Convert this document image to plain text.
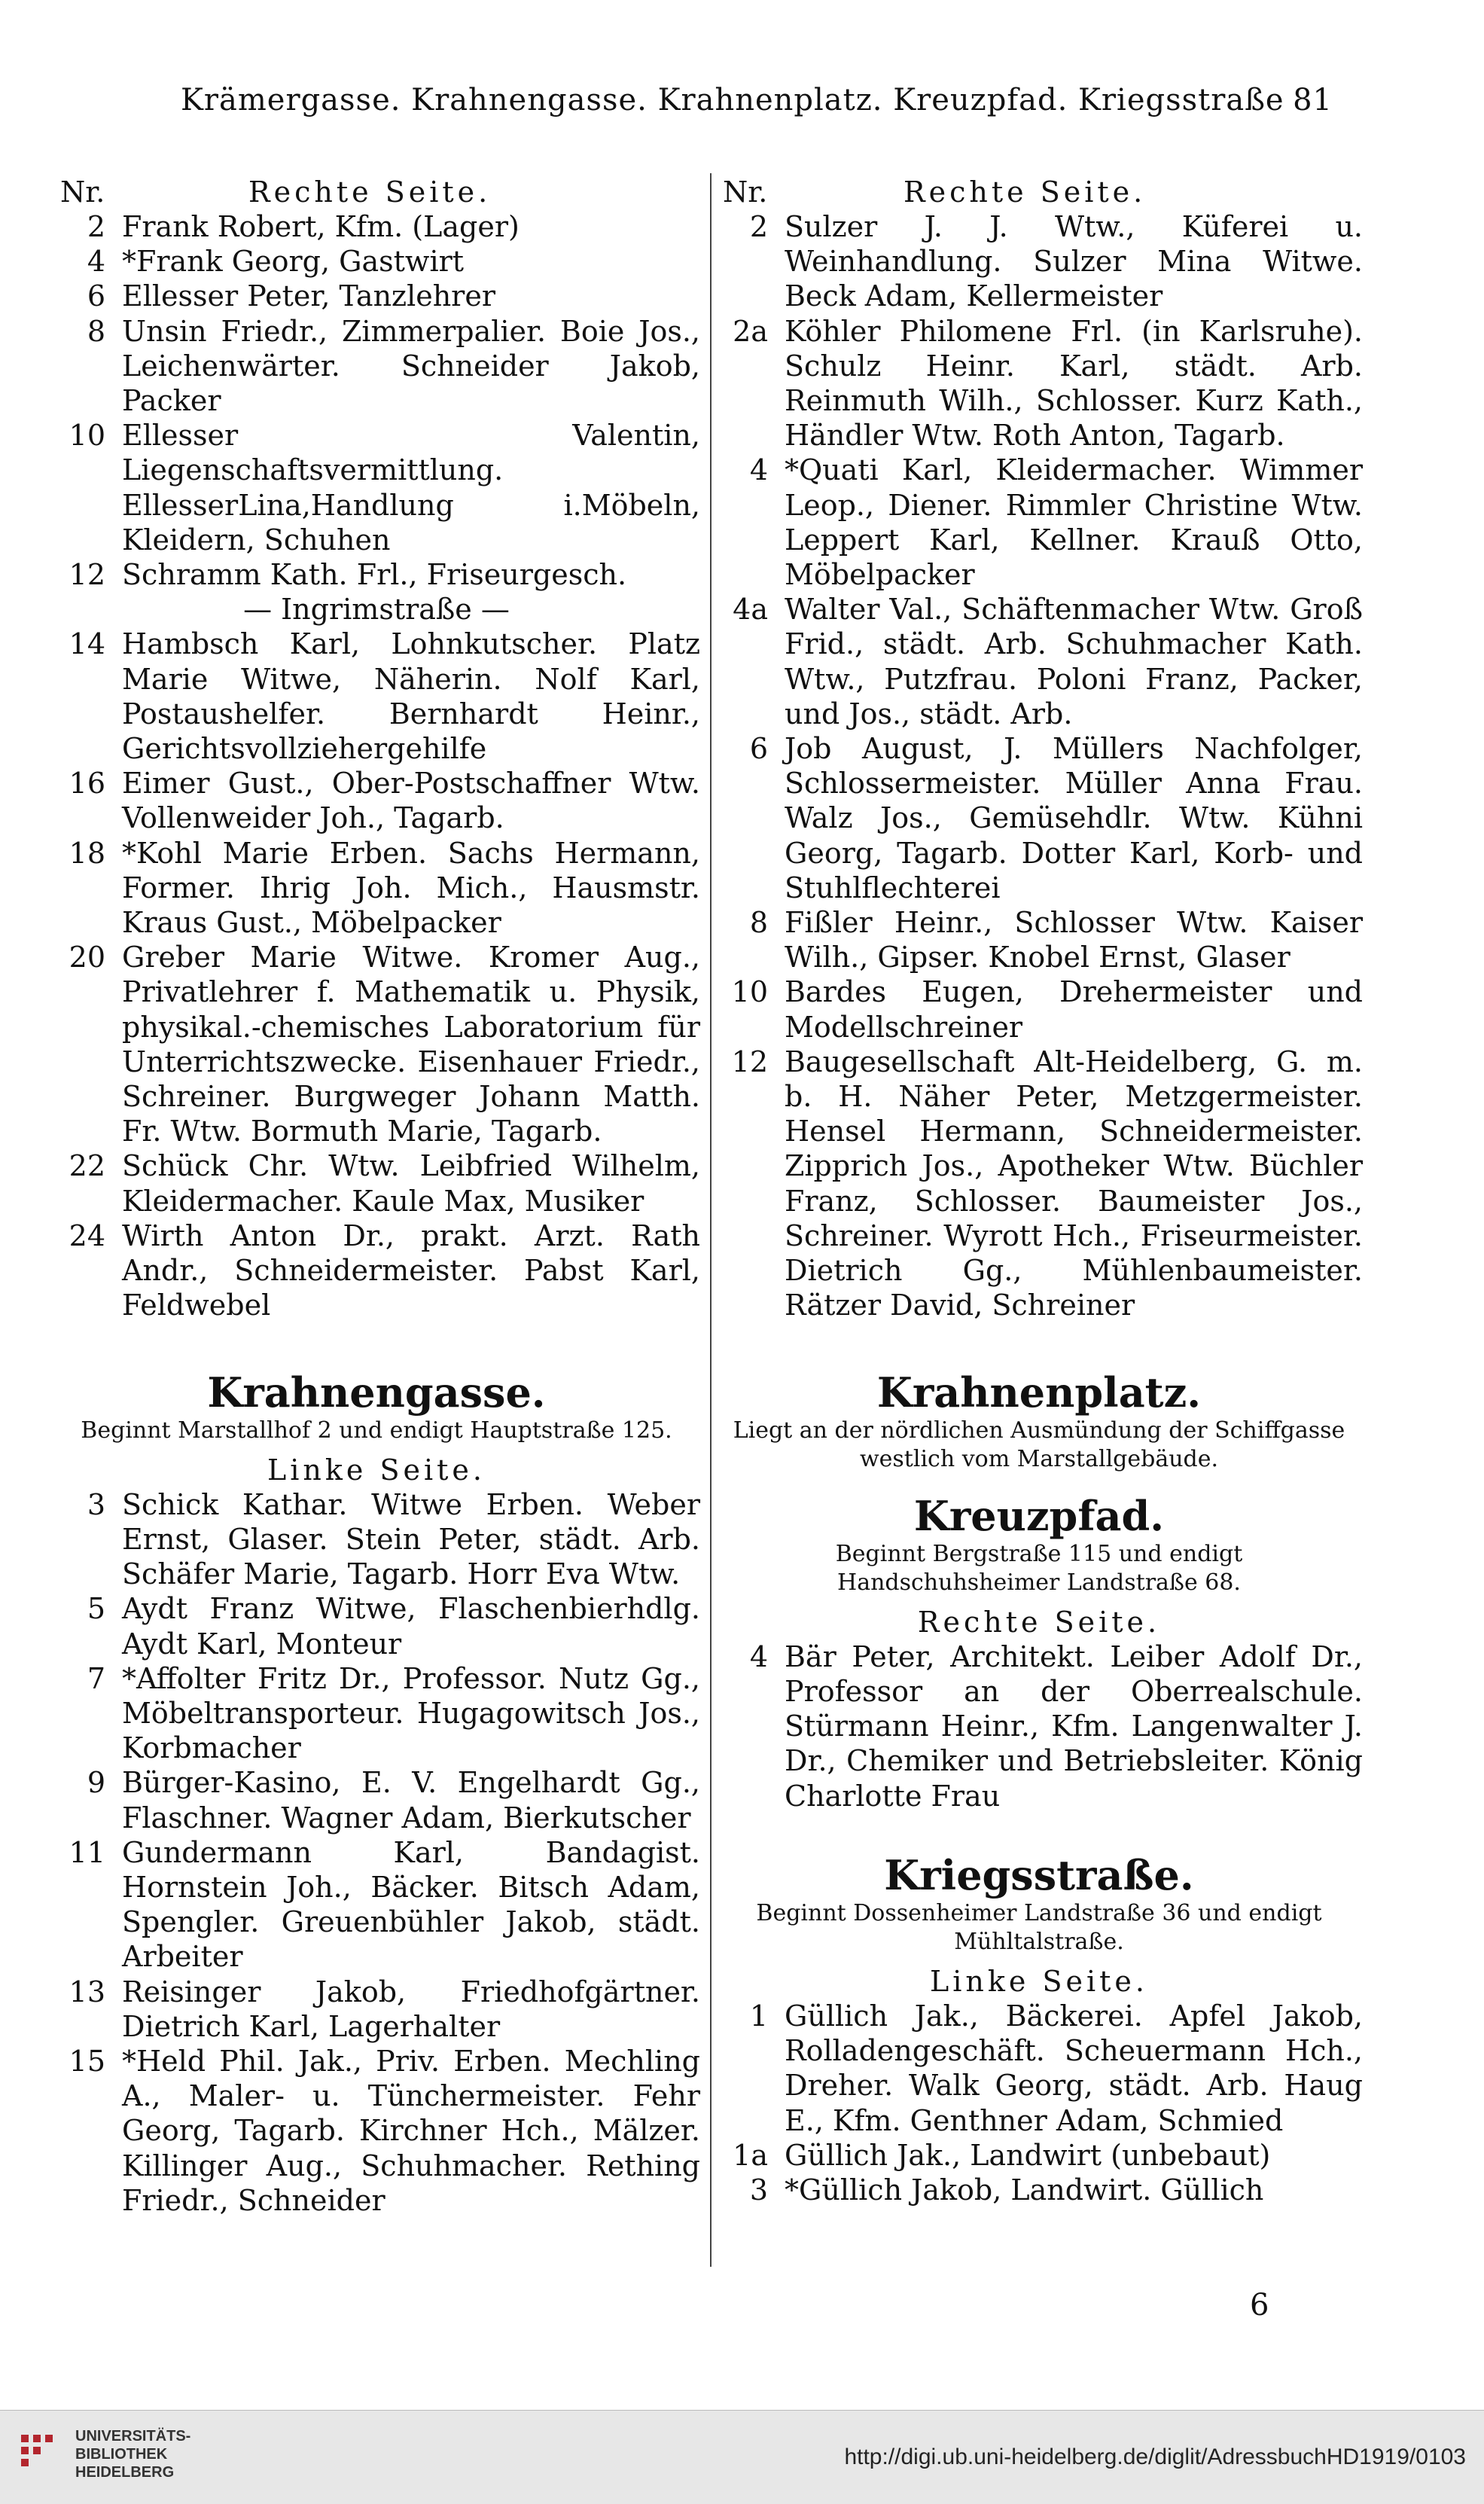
Krämergasse. Krahnengasse. Krahnenplatz. Kreuzpfad. Kriegsstraße 81
Nr.	Rechte Seite.
2 Frank Robert, Kfm. (Lager)
4 *Frank Georg, Gastwirt
6 Ellesser Peter, Tanzlehrer
8 Unsin Friedr., Zimmerpalier. Boie Jos., Leichenwärter. Schneider Jakob, Packer
10 Ellesser Valentin, Liegenschaftsvermittlung. EllesserLina,Handlung i.Möbeln, Kleidern, Schuhen
12 Schramm Kath. Frl., Friseurgesch.

— Ingrimstraße —

14 Hambsch Karl, Lohnkutscher. Platz Marie Witwe, Näherin. Nolf Karl, Postaushelfer. Bernhardt Heinr., Gerichtsvollziehergehilfe
16 Eimer Gust., Ober-Postschaffner Wtw. Vollenweider Joh., Tagarb.
18 *Kohl Marie Erben. Sachs Hermann, Former. Ihrig Joh. Mich., Hausmstr. Kraus Gust., Möbelpacker
20 Greber Marie Witwe. Kromer Aug., Privatlehrer f. Mathematik u. Physik, physikal.-chemisches Laboratorium für Unterrichtszwecke. Eisenhauer Friedr., Schreiner. Burgweger Johann Matth. Fr. Wtw. Bormuth Marie, Tagarb.
22 Schück Chr. Wtw. Leibfried Wilhelm, Kleidermacher. Kaule Max, Musiker
24 Wirth Anton Dr., prakt. Arzt. Rath Andr., Schneidermeister. Pabst Karl, Feldwebel
Krahnengasse.
Beginnt Marstallhof 2 und endigt Hauptstraße 125.
Linke Seite.
3 Schick Kathar. Witwe Erben. Weber Ernst, Glaser. Stein Peter, städt. Arb. Schäfer Marie, Tagarb. Horr Eva Wtw.
5 Aydt Franz Witwe, Flaschenbierhdlg. Aydt Karl, Monteur
7 *Affolter Fritz Dr., Professor. Nutz Gg., Möbeltransporteur. Hugagowitsch Jos., Korbmacher
9 Bürger-Kasino, E. V. Engelhardt Gg., Flaschner. Wagner Adam, Bierkutscher
11 Gundermann Karl, Bandagist. Hornstein Joh., Bäcker. Bitsch Adam, Spengler. Greuenbühler Jakob, städt. Arbeiter
13 Reisinger Jakob, Friedhofgärtner. Dietrich Karl, Lagerhalter
15 *Held Phil. Jak., Priv. Erben. Mechling A., Maler- u. Tünchermeister. Fehr Georg, Tagarb. Kirchner Hch., Mälzer. Killinger Aug., Schuhmacher. Rething Friedr., Schneider
Nr.	Rechte Seite.
2 Sulzer J. J. Wtw., Küferei u. Weinhandlung. Sulzer Mina Witwe. Beck Adam, Kellermeister
2a Köhler Philomene Frl. (in Karlsruhe). Schulz Heinr. Karl, städt. Arb. Reinmuth Wilh., Schlosser. Kurz Kath., Händler Wtw. Roth Anton, Tagarb.
4 *Quati Karl, Kleidermacher. Wimmer Leop., Diener. Rimmler Christine Wtw. Leppert Karl, Kellner. Krauß Otto, Möbelpacker
4a Walter Val., Schäftenmacher Wtw. Groß Frid., städt. Arb. Schuhmacher Kath. Wtw., Putzfrau. Poloni Franz, Packer, und Jos., städt. Arb.
6 Job August, J. Müllers Nachfolger, Schlossermeister. Müller Anna Frau. Walz Jos., Gemüsehdlr. Wtw. Kühni Georg, Tagarb. Dotter Karl, Korb- und Stuhlflechterei
8 Fißler Heinr., Schlosser Wtw. Kaiser Wilh., Gipser. Knobel Ernst, Glaser
10 Bardes Eugen, Drehermeister und Modellschreiner
12 Baugesellschaft Alt-Heidelberg, G. m. b. H. Näher Peter, Metzgermeister. Hensel Hermann, Schneidermeister. Zipprich Jos., Apotheker Wtw. Büchler Franz, Schlosser. Baumeister Jos., Schreiner. Wyrott Hch., Friseurmeister. Dietrich Gg., Mühlenbaumeister. Rätzer David, Schreiner
Krahnenplatz.
Liegt an der nördlichen Ausmündung der Schiffgasse westlich vom Marstallgebäude.
Kreuzpfad.
Beginnt Bergstraße 115 und endigt Handschuhsheimer Landstraße 68.
Rechte Seite.
4 Bär Peter, Architekt. Leiber Adolf Dr., Professor an der Oberrealschule. Stürmann Heinr., Kfm. Langenwalter J. Dr., Chemiker und Betriebsleiter. König Charlotte Frau
Kriegsstraße.
Beginnt Dossenheimer Landstraße 36 und endigt Mühltalstraße.
Linke Seite.
1 Güllich Jak., Bäckerei. Apfel Jakob, Rolladengeschäft. Scheuermann Hch., Dreher. Walk Georg, städt. Arb. Haug E., Kfm. Genthner Adam, Schmied
1a Güllich Jak., Landwirt (unbebaut)
3 *Güllich Jakob, Landwirt. Güllich
6
UNIVERSITÄTS-
BIBLIOTHEK
HEIDELBERG
http://digi.ub.uni-heidelberg.de/diglit/AdressbuchHD1919/0103
